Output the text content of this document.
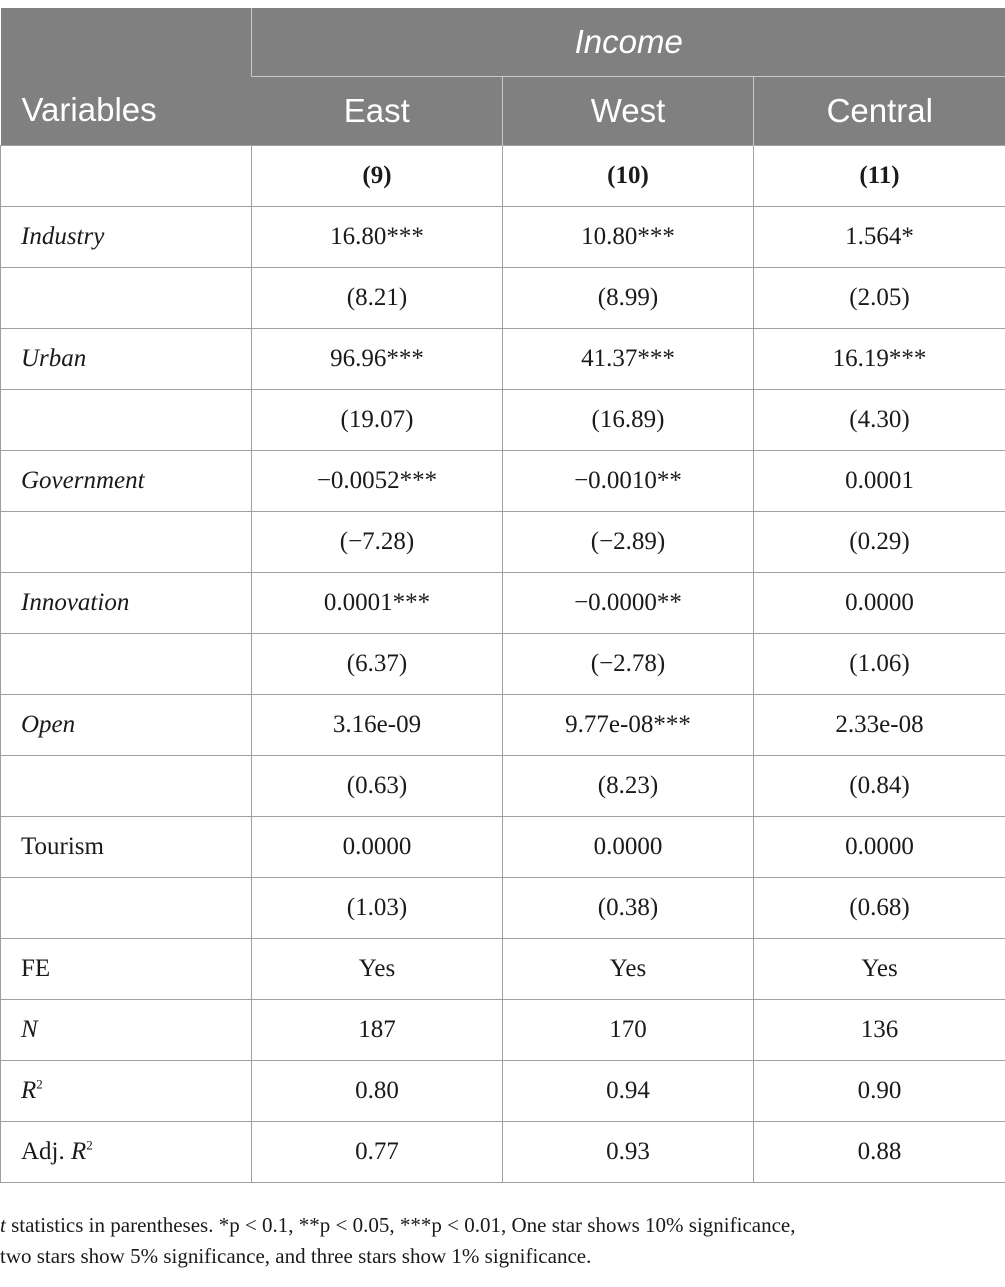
Variables	Income		
	East	West	Central
	(9)	(10)	(11)
Industry	16.80***	10.80***	1.564*
	(8.21)	(8.99)	(2.05)
Urban	96.96***	41.37***	16.19***
	(19.07)	(16.89)	(4.30)
Government	−0.0052***	−0.0010**	0.0001
	(−7.28)	(−2.89)	(0.29)
Innovation	0.0001***	−0.0000**	0.0000
	(6.37)	(−2.78)	(1.06)
Open	3.16e-09	9.77e-08***	2.33e-08
	(0.63)	(8.23)	(0.84)
Tourism	0.0000	0.0000	0.0000
	(1.03)	(0.38)	(0.68)
FE	Yes	Yes	Yes
N	187	170	136
$R^2$	0.80	0.94	0.90
Adj. $R^2$	0.77	0.93	0.88
t statistics in parentheses. *p < 0.1, **p < 0.05, ***p < 0.01, One star shows 10% significance,
two stars show 5% significance, and three stars show 1% significance.
